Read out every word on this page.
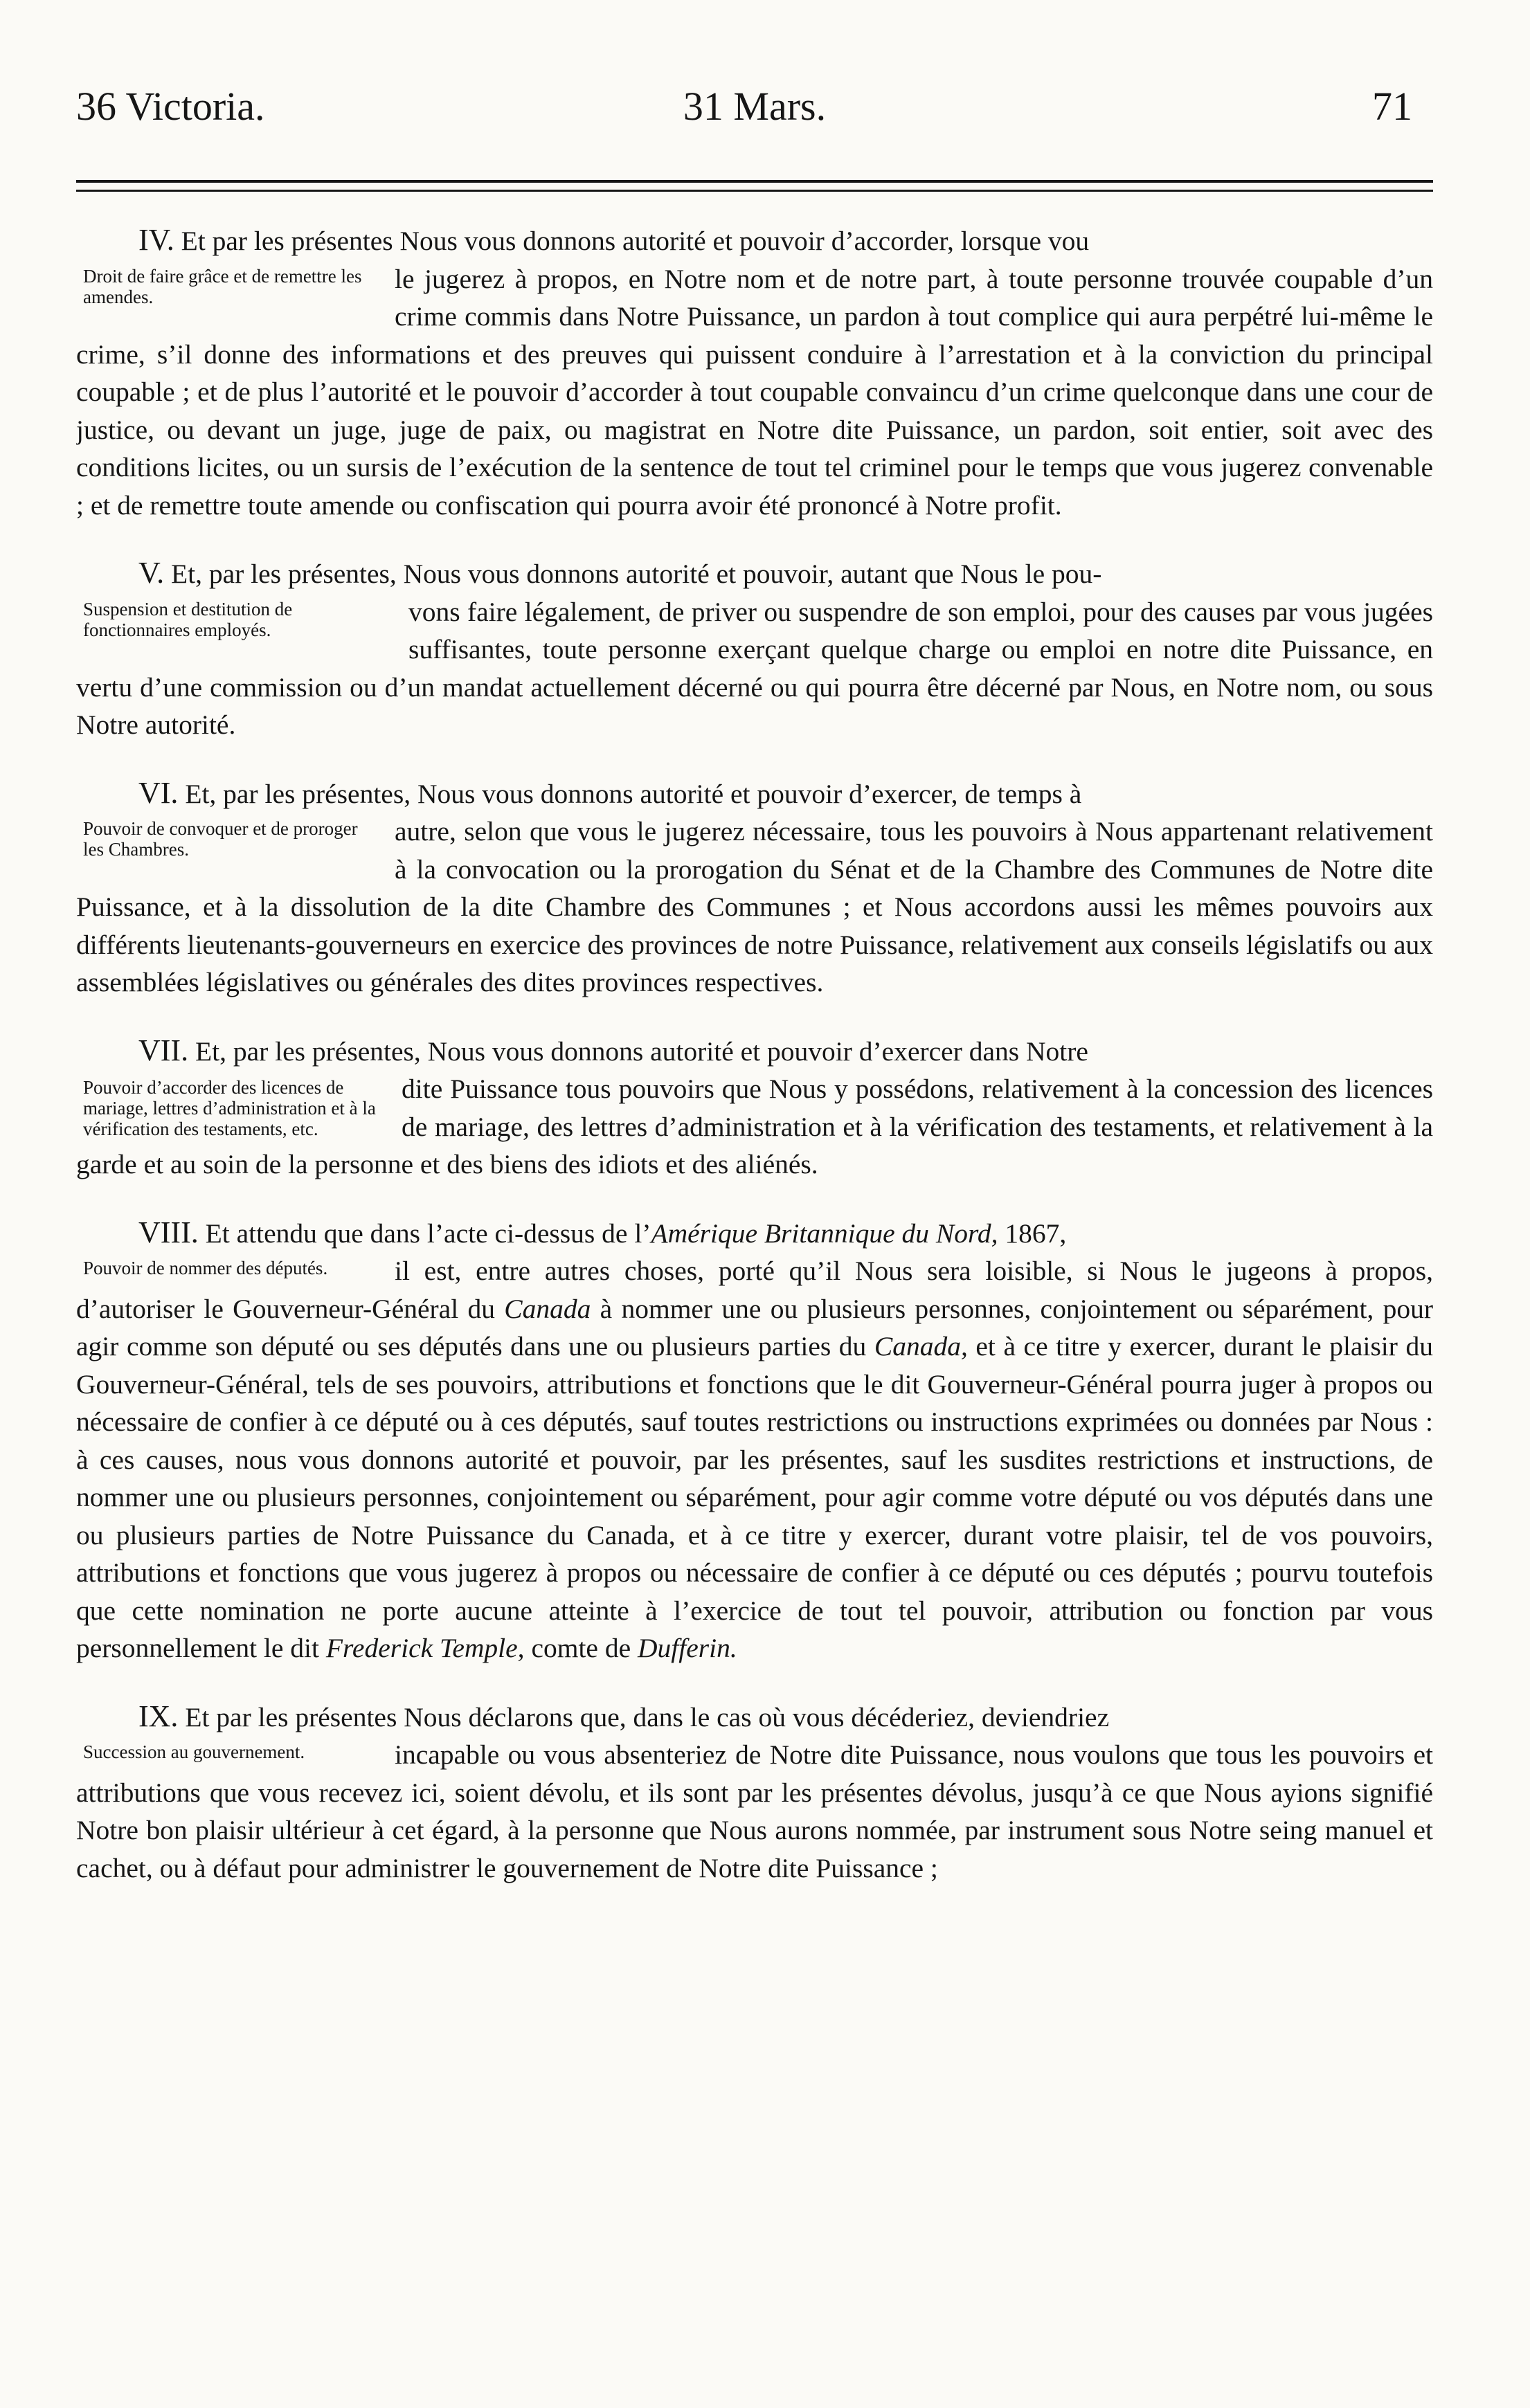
36 Victoria.	31 Mars.	71

IV. Et par les présentes Nous vous donnons autorité et pouvoir d’accorder, lorsque vou

Droit de faire grâce et de remettre les amendes.
le jugerez à propos, en Notre nom et de notre part, à toute personne trouvée coupable d’un crime commis dans Notre Puissance, un pardon à tout complice qui aura perpétré lui-même le crime, s’il donne des informations et des preuves qui puissent conduire à l’arrestation et à la conviction du principal coupable ; et de plus l’autorité et le pouvoir d’accorder à tout coupable convaincu d’un crime quelconque dans une cour de justice, ou devant un juge, juge de paix, ou magistrat en Notre dite Puissance, un pardon, soit entier, soit avec des conditions licites, ou un sursis de l’exécution de la sentence de tout tel criminel pour le temps que vous jugerez convenable ; et de remettre toute amende ou confiscation qui pourra avoir été prononcé à Notre profit.

V. Et, par les présentes, Nous vous donnons autorité et pouvoir, autant que Nous le pou-

Suspension et destitution de fonctionnaires employés.
vons faire légalement, de priver ou suspendre de son emploi, pour des causes par vous jugées suffisantes, toute personne exerçant quelque charge ou emploi en notre dite Puissance, en vertu d’une commission ou d’un mandat actuellement décerné ou qui pourra être décerné par Nous, en Notre nom, ou sous Notre autorité.

VI. Et, par les présentes, Nous vous donnons autorité et pouvoir d’exercer, de temps à

Pouvoir de convoquer et de proroger les Chambres.
autre, selon que vous le jugerez nécessaire, tous les pouvoirs à Nous appartenant relativement à la convocation ou la prorogation du Sénat et de la Chambre des Communes de Notre dite Puissance, et à la dissolution de la dite Chambre des Communes ; et Nous accordons aussi les mêmes pouvoirs aux différents lieutenants-gouverneurs en exercice des provinces de notre Puissance, relativement aux conseils législatifs ou aux assemblées législatives ou générales des dites provinces respectives.

VII. Et, par les présentes, Nous vous donnons autorité et pouvoir d’exercer dans Notre

Pouvoir d’accorder des licences de mariage, lettres d’administration et à la vérification des testaments, etc.
dite Puissance tous pouvoirs que Nous y possédons, relativement à la concession des licences de mariage, des lettres d’administration et à la vérification des testaments, et relativement à la garde et au soin de la personne et des biens des idiots et des aliénés.

VIII. Et attendu que dans l’acte ci-dessus de l’Amérique Britannique du Nord, 1867,

Pouvoir de nommer des députés.	il est, entre autres choses, porté qu’il Nous sera loisible, si Nous le jugeons à propos, d’autoriser le Gouverneur-Général du Canada à nommer une ou plusieurs personnes, conjointement ou séparément, pour agir comme son député ou ses députés dans une ou plusieurs parties du Canada, et à ce titre y exercer, durant le plaisir du Gouverneur-Général, tels de ses pouvoirs, attributions et fonctions que le dit Gouverneur-Général pourra juger à propos ou nécessaire de confier à ce député ou à ces députés, sauf toutes restrictions ou instructions exprimées ou données par Nous : à ces causes, nous vous donnons autorité et pouvoir, par les présentes, sauf les susdites restrictions et instructions, de nommer une ou plusieurs personnes, conjointement ou séparément, pour agir comme votre député ou vos députés dans une ou plusieurs parties de Notre Puissance du Canada, et à ce titre y exercer, durant votre plaisir, tel de vos pouvoirs, attributions et fonctions que vous jugerez à propos ou nécessaire de confier à ce député ou ces députés ; pourvu toutefois que cette nomination ne porte aucune atteinte à l’exercice de tout tel pouvoir, attribution ou fonction par vous personnellement le dit Frederick Temple, comte de Dufferin.

IX. Et par les présentes Nous déclarons que, dans le cas où vous décéderiez, deviendriez

Succession au gouvernement.	incapable ou vous absenteriez de Notre dite Puissance, nous voulons que tous les pouvoirs et attributions que vous recevez ici, soient dévolu, et ils sont par les présentes dévolus, jusqu’à ce que Nous ayions signifié Notre bon plaisir ultérieur à cet égard, à la personne que Nous aurons nommée, par instrument sous Notre seing manuel et cachet, ou à défaut pour administrer le gouvernement de Notre dite Puissance ;
